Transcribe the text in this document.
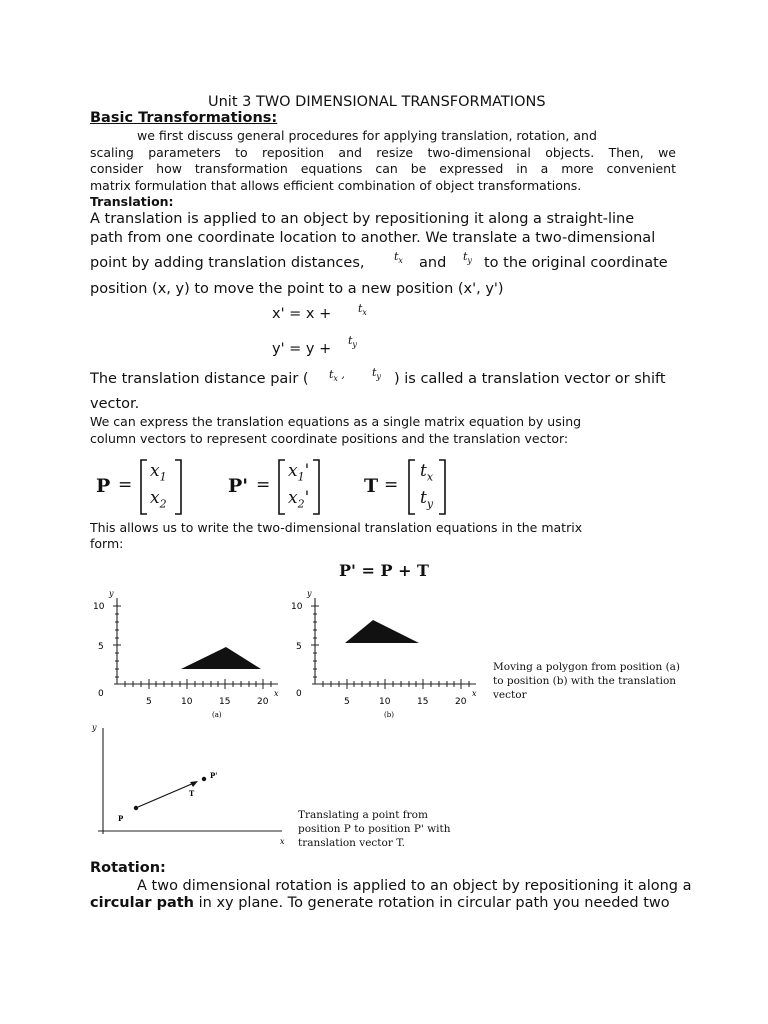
Unit 3 TWO DIMENSIONAL TRANSFORMATIONS
Basic Transformations:
we first discuss general procedures for applying translation, rotation, and
scaling parameters to reposition and resize two-dimensional objects. Then, we
consider how transformation equations can be expressed in a more convenient
matrix formulation that allows efficient combination of object transformations.
Translation:
A translation is applied to an object by repositioning it along a straight-line
path from one coordinate location to another. We translate a two-dimensional
point by adding translation distances,	$t_x$ and $t_y$ to the original coordinate
position (x, y) to move the point to a new position (x', y')
$x' = x + t_x$
y' = y +
$t_y$
The translation distance pair ( $t_x$ , $t_y$ ) is called a translation vector or shift
vector.
We can express the translation equations as a single matrix equation by using
column vectors to represent coordinate positions and the translation vector:
P =
$x_1$
$x_2$
P' =
$x_1'$
$x_2'$
T =
$t_x$
$t_y$
This allows us to write the two-dimensional translation equations in the matrix
form:
P' = P + T
y
x
10
5
0
5	10	15	20
(a)
y
x
10
5
0
5	10	15	20
(b)
Moving a polygon from position (a)
to position (b) with the translation
vector
y
x
P
P'
T
Translating a point from
position P to position P' with
translation vector T.
Rotation:
A two dimensional rotation is applied to an object by repositioning it along a
circular path in xy plane. To generate rotation in circular path you needed two
